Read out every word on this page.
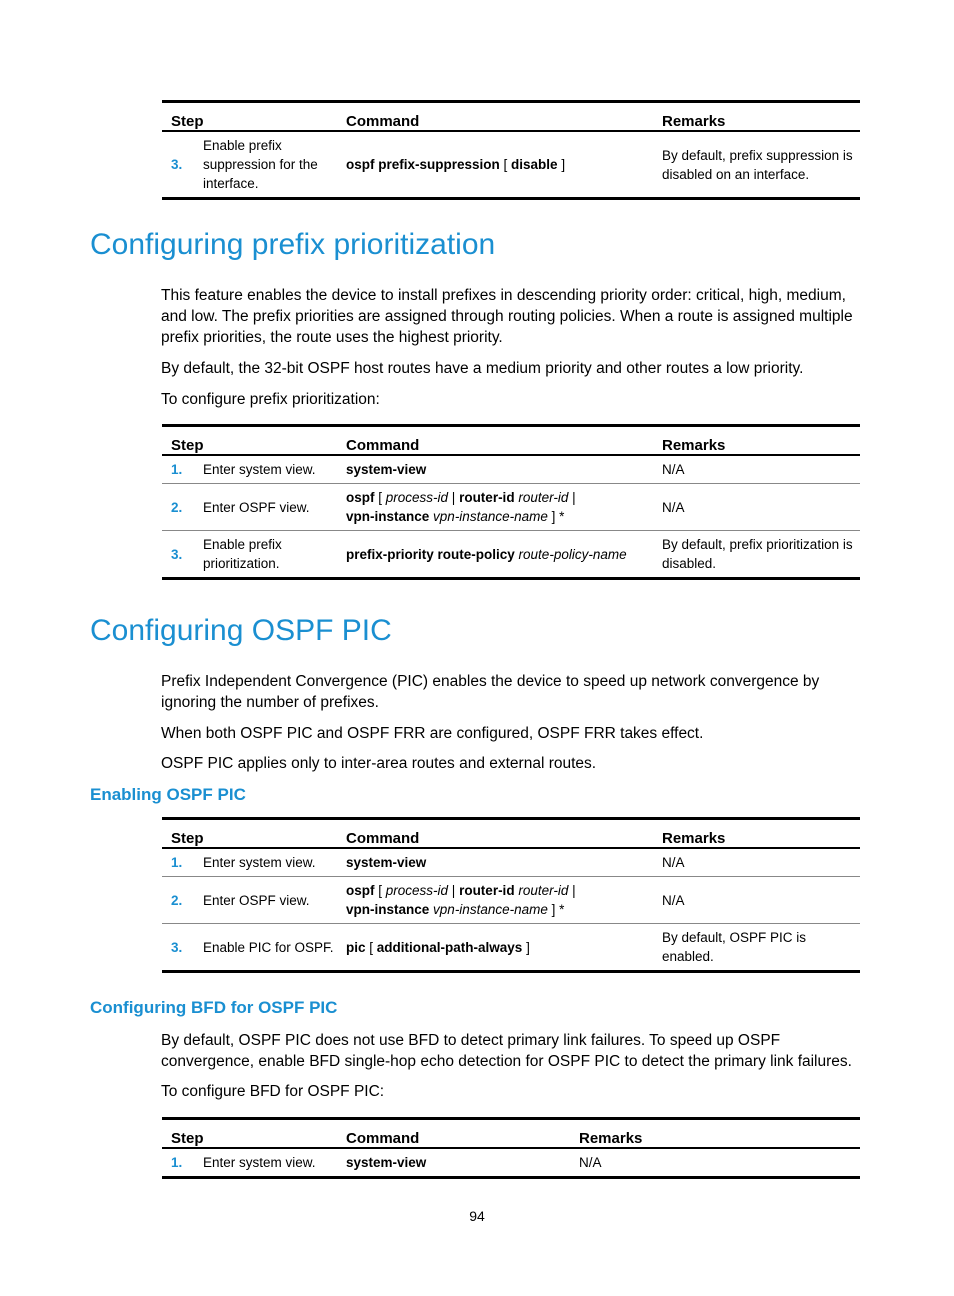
Step		Command	Remarks
3.	Enable prefix suppression for the interface.	ospf prefix-suppression [ disable ]	By default, prefix suppression is disabled on an interface.
Configuring prefix prioritization

This feature enables the device to install prefixes in descending priority order: critical, high, medium, and low. The prefix priorities are assigned through routing policies. When a route is assigned multiple prefix priorities, the route uses the highest priority.

By default, the 32-bit OSPF host routes have a medium priority and other routes a low priority.

To configure prefix prioritization:

Step		Command	Remarks
1.	Enter system view.	system-view	N/A
2.	Enter OSPF view.	ospf [ process-id | router-id router-id |
vpn-instance vpn-instance-name ] *	N/A
3.	Enable prefix prioritization.	prefix-priority route-policy route-policy-name	By default, prefix prioritization is disabled.
Configuring OSPF PIC

Prefix Independent Convergence (PIC) enables the device to speed up network convergence by ignoring the number of prefixes.

When both OSPF PIC and OSPF FRR are configured, OSPF FRR takes effect.

OSPF PIC applies only to inter-area routes and external routes.

Enabling OSPF PIC
Step		Command	Remarks
1.	Enter system view.	system-view	N/A
2.	Enter OSPF view.	ospf [ process-id | router-id router-id |
vpn-instance vpn-instance-name ] *	N/A
3.	Enable PIC for OSPF.	pic [ additional-path-always ]	By default, OSPF PIC is enabled.
Configuring BFD for OSPF PIC

By default, OSPF PIC does not use BFD to detect primary link failures. To speed up OSPF convergence, enable BFD single-hop echo detection for OSPF PIC to detect the primary link failures.

To configure BFD for OSPF PIC:

Step		Command	Remarks
1.	Enter system view.	system-view	N/A
94
